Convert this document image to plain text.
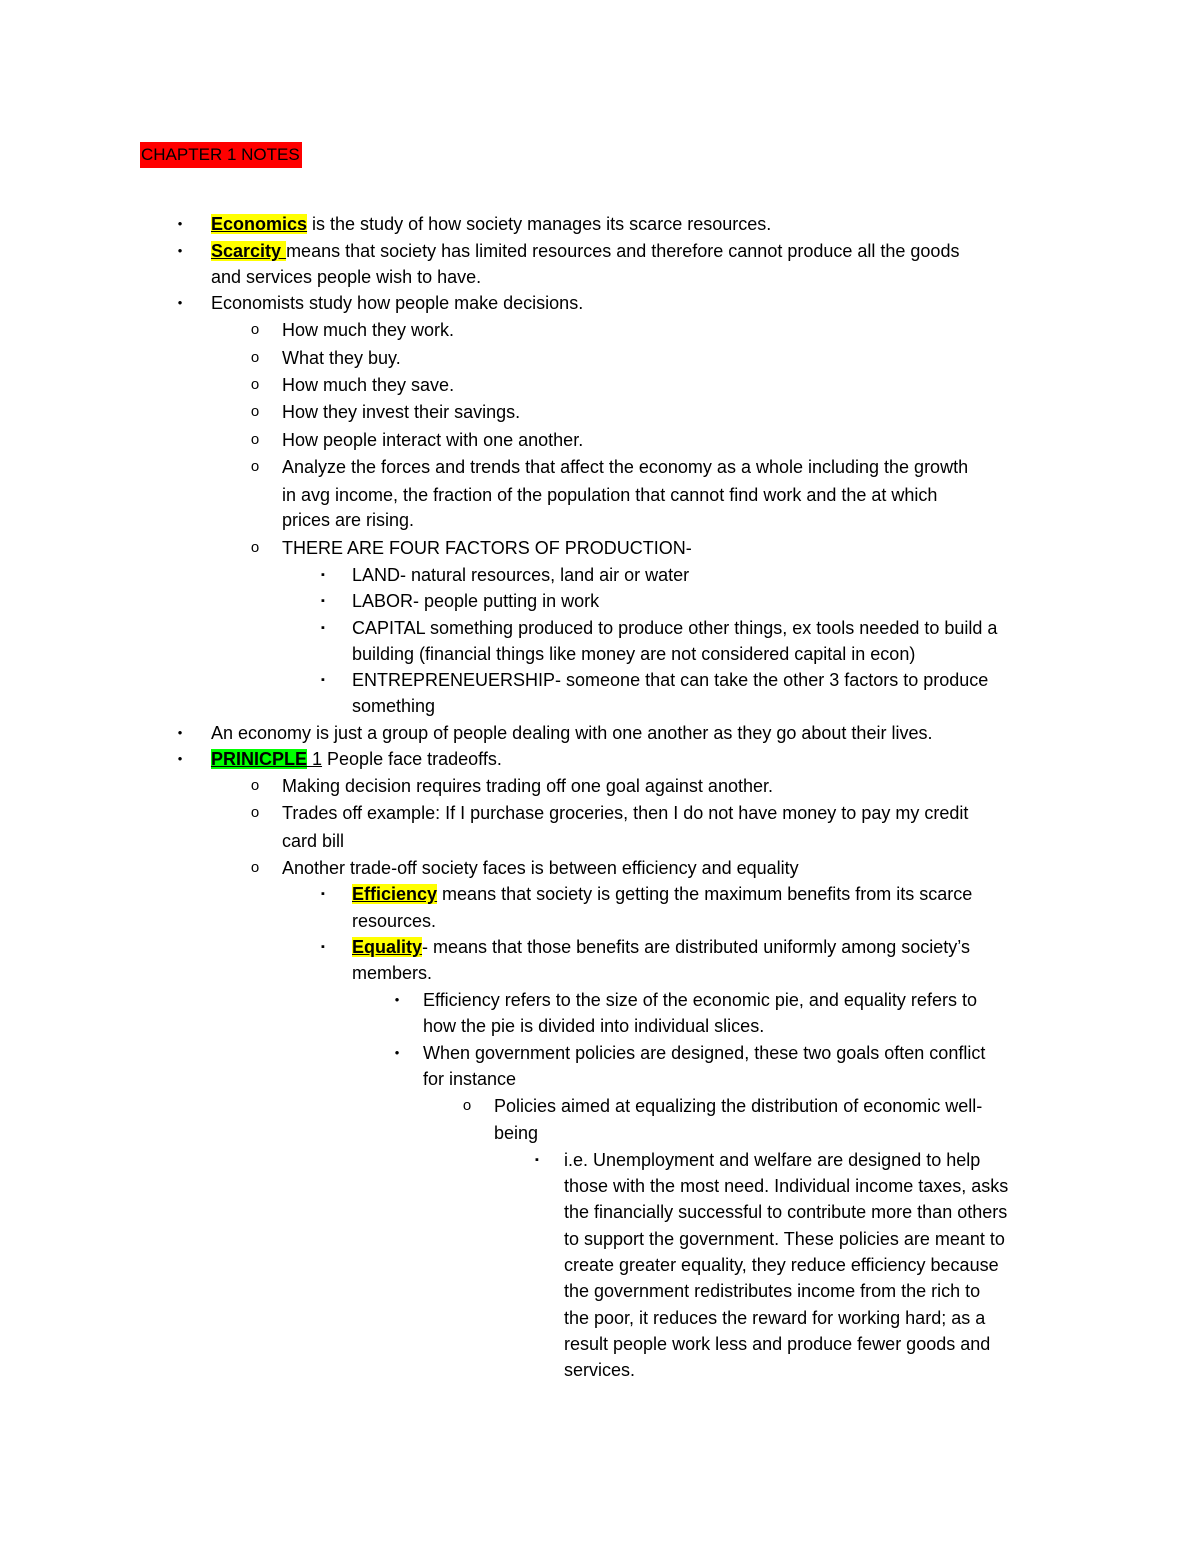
CHAPTER 1 NOTES
•	Economics is the study of how society manages its scarce resources.
•	Scarcity means that society has limited resources and therefore cannot produce all the goods
and services people wish to have.
•	Economists study how people make decisions.
o	How much they work.
o	What they buy.
o	How much they save.
o	How they invest their savings.
o	How people interact with one another.
o	Analyze the forces and trends that affect the economy as a whole including the growth
in avg income, the fraction of the population that cannot find work and the at which
prices are rising.
o	THERE ARE FOUR FACTORS OF PRODUCTION-
▪	LAND- natural resources, land air or water
▪	LABOR- people putting in work
▪	CAPITAL something produced to produce other things, ex tools needed to build a
building (financial things like money are not considered capital in econ)
▪	ENTREPRENEUERSHIP- someone that can take the other 3 factors to produce
something
•	An economy is just a group of people dealing with one another as they go about their lives.
•	PRINICPLE 1 People face tradeoffs.
o	Making decision requires trading off one goal against another.
o	Trades off example: If I purchase groceries, then I do not have money to pay my credit
card bill
o	Another trade-off society faces is between efficiency and equality
▪	Efficiency means that society is getting the maximum benefits from its scarce
resources.
▪	Equality- means that those benefits are distributed uniformly among society’s
members.
•	Efficiency refers to the size of the economic pie, and equality refers to
how the pie is divided into individual slices.
•	When government policies are designed, these two goals often conflict
for instance
o	Policies aimed at equalizing the distribution of economic well-
being
▪	i.e. Unemployment and welfare are designed to help
those with the most need. Individual income taxes, asks
the financially successful to contribute more than others
to support the government. These policies are meant to
create greater equality, they reduce efficiency because
the government redistributes income from the rich to
the poor, it reduces the reward for working hard; as a
result people work less and produce fewer goods and
services.
